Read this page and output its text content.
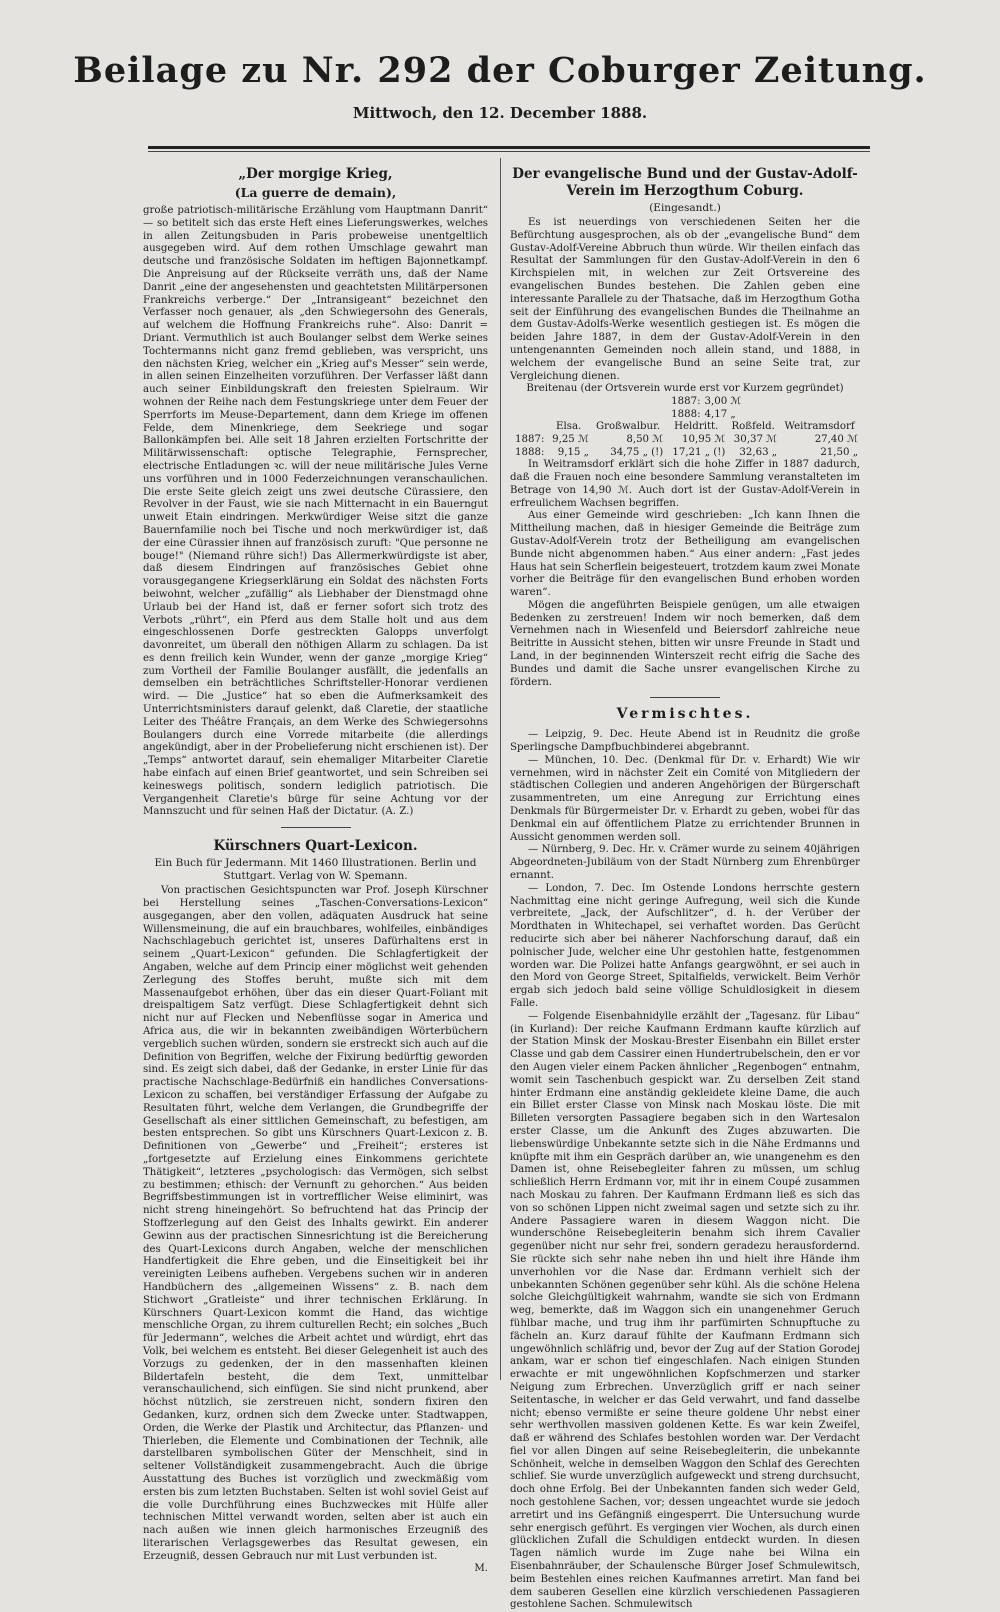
Beilage zu Nr. 292 der Coburger Zeitung.
Mittwoch, den 12. December 1888.
„Der morgige Krieg,
(La guerre de demain),

große patriotisch-militärische Erzählung vom Hauptmann Danrit“ — so betitelt sich das erste Heft eines Lieferungswerkes, welches in allen Zeitungsbuden in Paris probeweise unentgeltlich ausgegeben wird. Auf dem rothen Umschlage gewahrt man deutsche und französische Soldaten im heftigen Bajonnetkampf. Die Anpreisung auf der Rückseite verräth uns, daß der Name Danrit „eine der angesehensten und geachtetsten Militärpersonen Frankreichs verberge.“ Der „Intransigeant“ bezeichnet den Verfasser noch genauer, als „den Schwiegersohn des Generals, auf welchem die Hoffnung Frankreichs ruhe“. Also: Danrit = Driant. Vermuthlich ist auch Boulanger selbst dem Werke seines Tochtermanns nicht ganz fremd geblieben, was verspricht, uns den nächsten Krieg, welcher ein „Krieg auf's Messer“ sein werde, in allen seinen Einzelheiten vorzuführen. Der Verfasser läßt dann auch seiner Einbildungskraft den freiesten Spielraum. Wir wohnen der Reihe nach dem Festungskriege unter dem Feuer der Sperrforts im Meuse-Departement, dann dem Kriege im offenen Felde, dem Minenkriege, dem Seekriege und sogar Ballonkämpfen bei. Alle seit 18 Jahren erzielten Fortschritte der Militärwissenschaft: optische Telegraphie, Fernsprecher, electrische Entladungen ꝛc. will der neue militärische Jules Verne uns vorführen und in 1000 Federzeichnungen veranschaulichen. Die erste Seite gleich zeigt uns zwei deutsche Cürassiere, den Revolver in der Faust, wie sie nach Mitternacht in ein Bauerngut unweit Etain eindringen. Merkwürdiger Weise sitzt die ganze Bauernfamilie noch bei Tische und noch merkwürdiger ist, daß der eine Cürassier ihnen auf französisch zuruft: "Que personne ne bouge!" (Niemand rühre sich!) Das Allermerkwürdigste ist aber, daß diesem Eindringen auf französisches Gebiet ohne vorausgegangene Kriegserklärung ein Soldat des nächsten Forts beiwohnt, welcher „zufällig“ als Liebhaber der Dienstmagd ohne Urlaub bei der Hand ist, daß er ferner sofort sich trotz des Verbots „rührt“, ein Pferd aus dem Stalle holt und aus dem eingeschlossenen Dorfe gestreckten Galopps unverfolgt davonreitet, um überall den nöthigen Allarm zu schlagen. Da ist es denn freilich kein Wunder, wenn der ganze „morgige Krieg“ zum Vortheil der Familie Boulanger ausfällt, die jedenfalls an demselben ein beträchtliches Schriftsteller-Honorar verdienen wird. — Die „Justice“ hat so eben die Aufmerksamkeit des Unterrichtsministers darauf gelenkt, daß Claretie, der staatliche Leiter des Théâtre Français, an dem Werke des Schwiegersohns Boulangers durch eine Vorrede mitarbeite (die allerdings angekündigt, aber in der Probelieferung nicht erschienen ist). Der „Temps“ antwortet darauf, sein ehemaliger Mitarbeiter Claretie habe einfach auf einen Brief geantwortet, und sein Schreiben sei keineswegs politisch, sondern lediglich patriotisch. Die Vergangenheit Claretie's bürge für seine Achtung vor der Mannszucht und für seinen Haß der Dictatur. (A. Z.)

Kürschners Quart-Lexicon.
Ein Buch für Jedermann. Mit 1460 Illustrationen. Berlin und Stuttgart. Verlag von W. Spemann.

Von practischen Gesichtspuncten war Prof. Joseph Kürschner bei Herstellung seines „Taschen-Conversations-Lexicon“ ausgegangen, aber den vollen, adäquaten Ausdruck hat seine Willensmeinung, die auf ein brauchbares, wohlfeiles, einbändiges Nachschlagebuch gerichtet ist, unseres Dafürhaltens erst in seinem „Quart-Lexicon“ gefunden. Die Schlagfertigkeit der Angaben, welche auf dem Princip einer möglichst weit gehenden Zerlegung des Stoffes beruht, mußte sich mit dem Massenaufgebot erhöhen, über das ein dieser Quart-Foliant mit dreispaltigem Satz verfügt. Diese Schlagfertigkeit dehnt sich nicht nur auf Flecken und Nebenflüsse sogar in America und Africa aus, die wir in bekannten zweibändigen Wörterbüchern vergeblich suchen würden, sondern sie erstreckt sich auch auf die Definition von Begriffen, welche der Fixirung bedürftig geworden sind. Es zeigt sich dabei, daß der Gedanke, in erster Linie für das practische Nachschlage-Bedürfniß ein handliches Conversations-Lexicon zu schaffen, bei verständiger Erfassung der Aufgabe zu Resultaten führt, welche dem Verlangen, die Grundbegriffe der Gesellschaft als einer sittlichen Gemeinschaft, zu befestigen, am besten entsprechen. So gibt uns Kürschners Quart-Lexicon z. B. Definitionen von „Gewerbe“ und „Freiheit“; ersteres ist „fortgesetzte auf Erzielung eines Einkommens gerichtete Thätigkeit“, letzteres „psychologisch: das Vermögen, sich selbst zu bestimmen; ethisch: der Vernunft zu gehorchen.“ Aus beiden Begriffsbestimmungen ist in vortrefflicher Weise eliminirt, was nicht streng hineingehört. So befruchtend hat das Princip der Stoffzerlegung auf den Geist des Inhalts gewirkt. Ein anderer Gewinn aus der practischen Sinnesrichtung ist die Bereicherung des Quart-Lexicons durch Angaben, welche der menschlichen Handfertigkeit die Ehre geben, und die Einseitigkeit bei ihr vereinigten Leibens aufheben. Vergebens suchen wir in anderen Handbüchern des „allgemeinen Wissens“ z. B. nach dem Stichwort „Gratleiste“ und ihrer technischen Erklärung. In Kürschners Quart-Lexicon kommt die Hand, das wichtige menschliche Organ, zu ihrem culturellen Recht; ein solches „Buch für Jedermann“, welches die Arbeit achtet und würdigt, ehrt das Volk, bei welchem es entsteht. Bei dieser Gelegenheit ist auch des Vorzugs zu gedenken, der in den massenhaften kleinen Bildertafeln besteht, die dem Text, unmittelbar veranschaulichend, sich einfügen. Sie sind nicht prunkend, aber höchst nützlich, sie zerstreuen nicht, sondern fixiren den Gedanken, kurz, ordnen sich dem Zwecke unter. Stadtwappen, Orden, die Werke der Plastik und Architectur, das Pflanzen- und Thierleben, die Elemente und Combinationen der Technik, alle darstellbaren symbolischen Güter der Menschheit, sind in seltener Vollständigkeit zusammengebracht. Auch die übrige Ausstattung des Buches ist vorzüglich und zweckmäßig vom ersten bis zum letzten Buchstaben. Selten ist wohl soviel Geist auf die volle Durchführung eines Buchzweckes mit Hülfe aller technischen Mittel verwandt worden, selten aber ist auch ein nach außen wie innen gleich harmonisches Erzeugniß des literarischen Verlagsgewerbes das Resultat gewesen, ein Erzeugniß, dessen Gebrauch nur mit Lust verbunden ist.

M.
Der evangelische Bund und der Gustav-Adolf-Verein im Herzogthum Coburg.
(Eingesandt.)

Es ist neuerdings von verschiedenen Seiten her die Befürchtung ausgesprochen, als ob der „evangelische Bund“ dem Gustav-Adolf-Vereine Abbruch thun würde. Wir theilen einfach das Resultat der Sammlungen für den Gustav-Adolf-Verein in den 6 Kirchspielen mit, in welchen zur Zeit Ortsvereine des evangelischen Bundes bestehen. Die Zahlen geben eine interessante Parallele zu der Thatsache, daß im Herzogthum Gotha seit der Einführung des evangelischen Bundes die Theilnahme an dem Gustav-Adolfs-Werke wesentlich gestiegen ist. Es mögen die beiden Jahre 1887, in dem der Gustav-Adolf-Verein in den untengenannten Gemeinden noch allein stand, und 1888, in welchem der evangelische Bund an seine Seite trat, zur Vergleichung dienen.

Breitenau (der Ortsverein wurde erst vor Kurzem gegründet)
1887:	3,00 ℳ
1888:	4,17 „
	Elsa.	Großwalbur.	Heldritt.	Roßfeld.	Weitramsdorf
1887:	9,25 ℳ	8,50 ℳ	10,95 ℳ	30,37 ℳ	27,40 ℳ
1888:	9,15 „	34,75 „ (!)	17,21 „ (!)	32,63 „	21,50 „

In Weitramsdorf erklärt sich die hohe Ziffer in 1887 dadurch, daß die Frauen noch eine besondere Sammlung veranstalteten im Betrage von 14,90 ℳ. Auch dort ist der Gustav-Adolf-Verein in erfreulichem Wachsen begriffen.

Aus einer Gemeinde wird geschrieben: „Ich kann Ihnen die Mittheilung machen, daß in hiesiger Gemeinde die Beiträge zum Gustav-Adolf-Verein trotz der Betheiligung am evangelischen Bunde nicht abgenommen haben.“ Aus einer andern: „Fast jedes Haus hat sein Scherflein beigesteuert, trotzdem kaum zwei Monate vorher die Beiträge für den evangelischen Bund erhoben worden waren“.

Mögen die angeführten Beispiele genügen, um alle etwaigen Bedenken zu zerstreuen! Indem wir noch bemerken, daß dem Vernehmen nach in Wiesenfeld und Beiersdorf zahlreiche neue Beitritte in Aussicht stehen, bitten wir unsre Freunde in Stadt und Land, in der beginnenden Winterszeit recht eifrig die Sache des Bundes und damit die Sache unsrer evangelischen Kirche zu fördern.

Vermischtes.

— Leipzig, 9. Dec. Heute Abend ist in Reudnitz die große Sperlingsche Dampfbuchbinderei abgebrannt.

— München, 10. Dec. (Denkmal für Dr. v. Erhardt) Wie wir vernehmen, wird in nächster Zeit ein Comité von Mitgliedern der städtischen Collegien und anderen Angehörigen der Bürgerschaft zusammentreten, um eine Anregung zur Errichtung eines Denkmals für Bürgermeister Dr. v. Erhardt zu geben, wobei für das Denkmal ein auf öffentlichem Platze zu errichtender Brunnen in Aussicht genommen werden soll.

— Nürnberg, 9. Dec. Hr. v. Crämer wurde zu seinem 40jährigen Abgeordneten-Jubiläum von der Stadt Nürnberg zum Ehrenbürger ernannt.

— London, 7. Dec. Im Ostende Londons herrschte gestern Nachmittag eine nicht geringe Aufregung, weil sich die Kunde verbreitete, „Jack, der Aufschlitzer“, d. h. der Verüber der Mordthaten in Whitechapel, sei verhaftet worden. Das Gerücht reducirte sich aber bei näherer Nachforschung darauf, daß ein polnischer Jude, welcher eine Uhr gestohlen hatte, festgenommen worden war. Die Polizei hatte Anfangs geargwöhnt, er sei auch in den Mord von George Street, Spitalfields, verwickelt. Beim Verhör ergab sich jedoch bald seine völlige Schuldlosigkeit in diesem Falle.

— Folgende Eisenbahnidylle erzählt der „Tagesanz. für Libau“ (in Kurland): Der reiche Kaufmann Erdmann kaufte kürzlich auf der Station Minsk der Moskau-Brester Eisenbahn ein Billet erster Classe und gab dem Cassirer einen Hundertrubelschein, den er vor den Augen vieler einem Packen ähnlicher „Regenbogen“ entnahm, womit sein Taschenbuch gespickt war. Zu derselben Zeit stand hinter Erdmann eine anständig gekleidete kleine Dame, die auch ein Billet erster Classe von Minsk nach Moskau löste. Die mit Billeten versorgten Passagiere begaben sich in den Wartesalon erster Classe, um die Ankunft des Zuges abzuwarten. Die liebenswürdige Unbekannte setzte sich in die Nähe Erdmanns und knüpfte mit ihm ein Gespräch darüber an, wie unangenehm es den Damen ist, ohne Reisebegleiter fahren zu müssen, um schlug schließlich Herrn Erdmann vor, mit ihr in einem Coupé zusammen nach Moskau zu fahren. Der Kaufmann Erdmann ließ es sich das von so schönen Lippen nicht zweimal sagen und setzte sich zu ihr. Andere Passagiere waren in diesem Waggon nicht. Die wunderschöne Reisebegleiterin benahm sich ihrem Cavalier gegenüber nicht nur sehr frei, sondern geradezu herausfordernd. Sie rückte sich sehr nahe neben ihn und hielt ihre Hände ihm unverhohlen vor die Nase dar. Erdmann verhielt sich der unbekannten Schönen gegenüber sehr kühl. Als die schöne Helena solche Gleichgültigkeit wahrnahm, wandte sie sich von Erdmann weg, bemerkte, daß im Waggon sich ein unangenehmer Geruch fühlbar mache, und trug ihm ihr parfümirten Schnupftuche zu fächeln an. Kurz darauf fühlte der Kaufmann Erdmann sich ungewöhnlich schläfrig und, bevor der Zug auf der Station Gorodej ankam, war er schon tief eingeschlafen. Nach einigen Stunden erwachte er mit ungewöhnlichen Kopfschmerzen und starker Neigung zum Erbrechen. Unverzüglich griff er nach seiner Seitentasche, in welcher er das Geld verwahrt, und fand dasselbe nicht; ebenso vermißte er seine theure goldene Uhr nebst einer sehr werthvollen massiven goldenen Kette. Es war kein Zweifel, daß er während des Schlafes bestohlen worden war. Der Verdacht fiel vor allen Dingen auf seine Reisebegleiterin, die unbekannte Schönheit, welche in demselben Waggon den Schlaf des Gerechten schlief. Sie wurde unverzüglich aufgeweckt und streng durchsucht, doch ohne Erfolg. Bei der Unbekannten fanden sich weder Geld, noch gestohlene Sachen, vor; dessen ungeachtet wurde sie jedoch arretirt und ins Gefängniß eingesperrt. Die Untersuchung wurde sehr energisch geführt. Es vergingen vier Wochen, als durch einen glücklichen Zufall die Schuldigen entdeckt wurden. In diesen Tagen nämlich wurde im Zuge nahe bei Wilna ein Eisenbahnräuber, der Schaulensche Bürger Josef Schmulewitsch, beim Bestehlen eines reichen Kaufmannes arretirt. Man fand bei dem sauberen Gesellen eine kürzlich verschiedenen Passagieren gestohlene Sachen. Schmulewitsch
